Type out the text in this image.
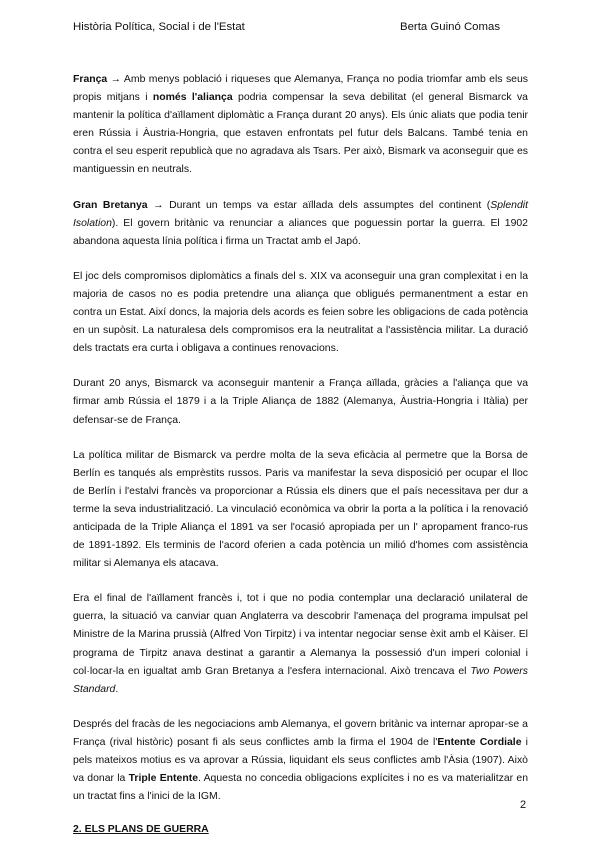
Història Política, Social i de l'Estat	Berta Guinó Comas

França → Amb menys població i riqueses que Alemanya, França no podia triomfar amb els seus propis mitjans i només l'aliança podria compensar la seva debilitat (el general Bismarck va mantenir la política d'aïllament diplomàtic a França durant 20 anys). Els únic aliats que podia tenir eren Rússia i Àustria-Hongria, que estaven enfrontats pel futur dels Balcans. També tenia en contra el seu esperit republicà que no agradava als Tsars. Per això, Bismark va aconseguir que es mantiguessin en neutrals.

Gran Bretanya → Durant un temps va estar aïllada dels assumptes del continent (Splendit Isolation). El govern britànic va renunciar a aliances que poguessin portar la guerra. El 1902 abandona aquesta línia política i firma un Tractat amb el Japó.

El joc dels compromisos diplomàtics a finals del s. XIX va aconseguir una gran complexitat i en la majoria de casos no es podia pretendre una aliança que obligués permanentment a estar en contra un Estat. Així doncs, la majoria dels acords es feien sobre les obligacions de cada potència en un supòsit. La naturalesa dels compromisos era la neutralitat a l'assistència militar. La duració dels tractats era curta i obligava a continues renovacions.

Durant 20 anys, Bismarck va aconseguir mantenir a França aïllada, gràcies a l'aliança que va firmar amb Rússia el 1879 i a la Triple Aliança de 1882 (Alemanya, Àustria-Hongria i Itàlia) per defensar-se de França.

La política militar de Bismarck va perdre molta de la seva eficàcia al permetre que la Borsa de Berlín es tanqués als emprèstits russos. Paris va manifestar la seva disposició per ocupar el lloc de Berlín i l'estalvi francès va proporcionar a Rússia els diners que el país necessitava per dur a terme la seva industrialització. La vinculació econòmica va obrir la porta a la política i la renovació anticipada de la Triple Aliança el 1891 va ser l'ocasió apropiada per un l' apropament franco-rus de 1891-1892. Els terminis de l'acord oferien a cada potència un milió d'homes com assistència militar si Alemanya els atacava.

Era el final de l'aïllament francès i, tot i que no podia contemplar una declaració unilateral de guerra, la situació va canviar quan Anglaterra va descobrir l'amenaça del programa impulsat pel Ministre de la Marina prussià (Alfred Von Tirpitz) i va intentar negociar sense èxit amb el Kàiser. El programa de Tirpitz anava destinat a garantir a Alemanya la possessió d'un imperi colonial i col·locar-la en igualtat amb Gran Bretanya a l'esfera internacional. Això trencava el Two Powers Standard.

Després del fracàs de les negociacions amb Alemanya, el govern britànic va internar apropar-se a França (rival històric) posant fi als seus conflictes amb la firma el 1904 de l'Entente Cordiale i pels mateixos motius es va aprovar a Rússia, liquidant els seus conflictes amb l'Àsia (1907). Això va donar la Triple Entente. Aquesta no concedia obligacions explícites i no es va materialitzar en un tractat fins a l'inici de la IGM.

2. ELS PLANS DE GUERRA

2
